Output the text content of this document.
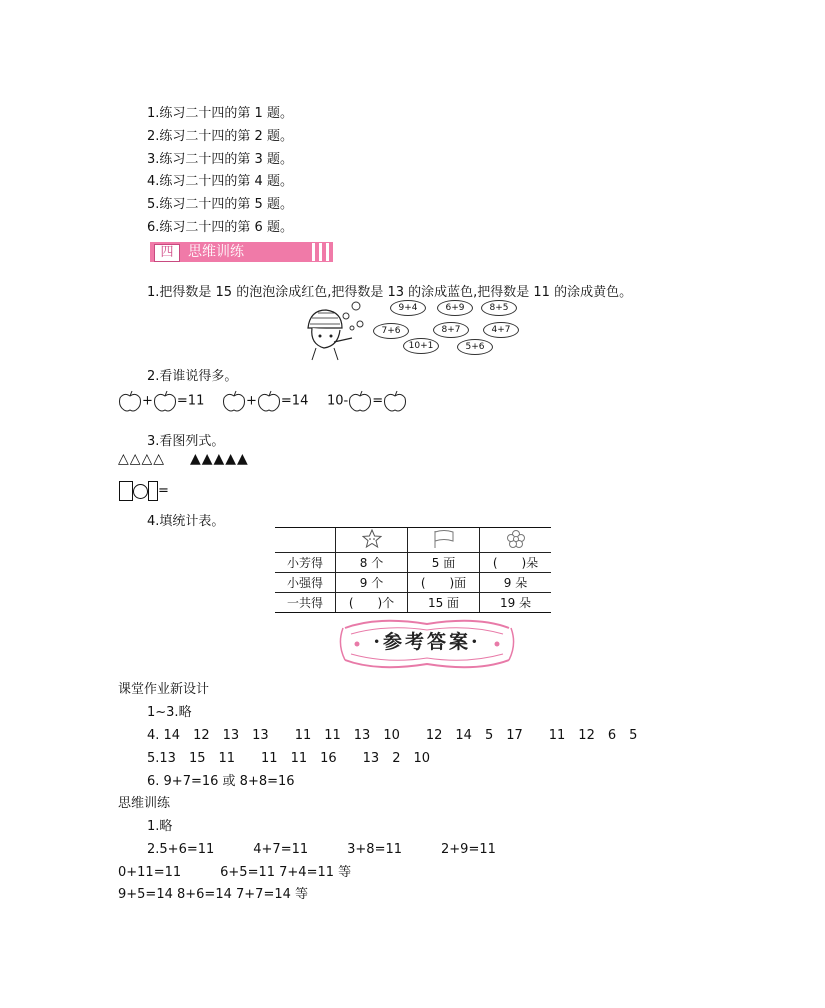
1.练习二十四的第 1 题。
2.练习二十四的第 2 题。
3.练习二十四的第 3 题。
4.练习二十四的第 4 题。
5.练习二十四的第 5 题。
6.练习二十四的第 6 题。
四	思维训练
1.把得数是 15 的泡泡涂成红色,把得数是 13 的涂成蓝色,把得数是 11 的涂成黄色。
9+4	6+9	8+5
7+6	8+7	4+7
10+1	5+6
2.看谁说得多。
+ =11	+ =14 10- =
3.看图列式。
△△△△ ▲▲▲▲▲
=
4.填统计表。

小芳得	8 个	5 面	(　　)朵
小强得	9 个	(　　)面	9 朵
一共得	(　　)个	15 面	19 朵
·参考答案·
课堂作业新设计
1~3.略
4. 14　12　13　13　　11　11　13　10　　12　14　5　17　　11　12　6　5
5.13　15　11　　11　11　16　　13　2　10
6. 9+7=16 或 8+8=16
思维训练
1.略
2.5+6=11　　　4+7=11　　　3+8=11　　　2+9=11
0+11=11　　　6+5=11 7+4=11 等
9+5=14 8+6=14 7+7=14 等
